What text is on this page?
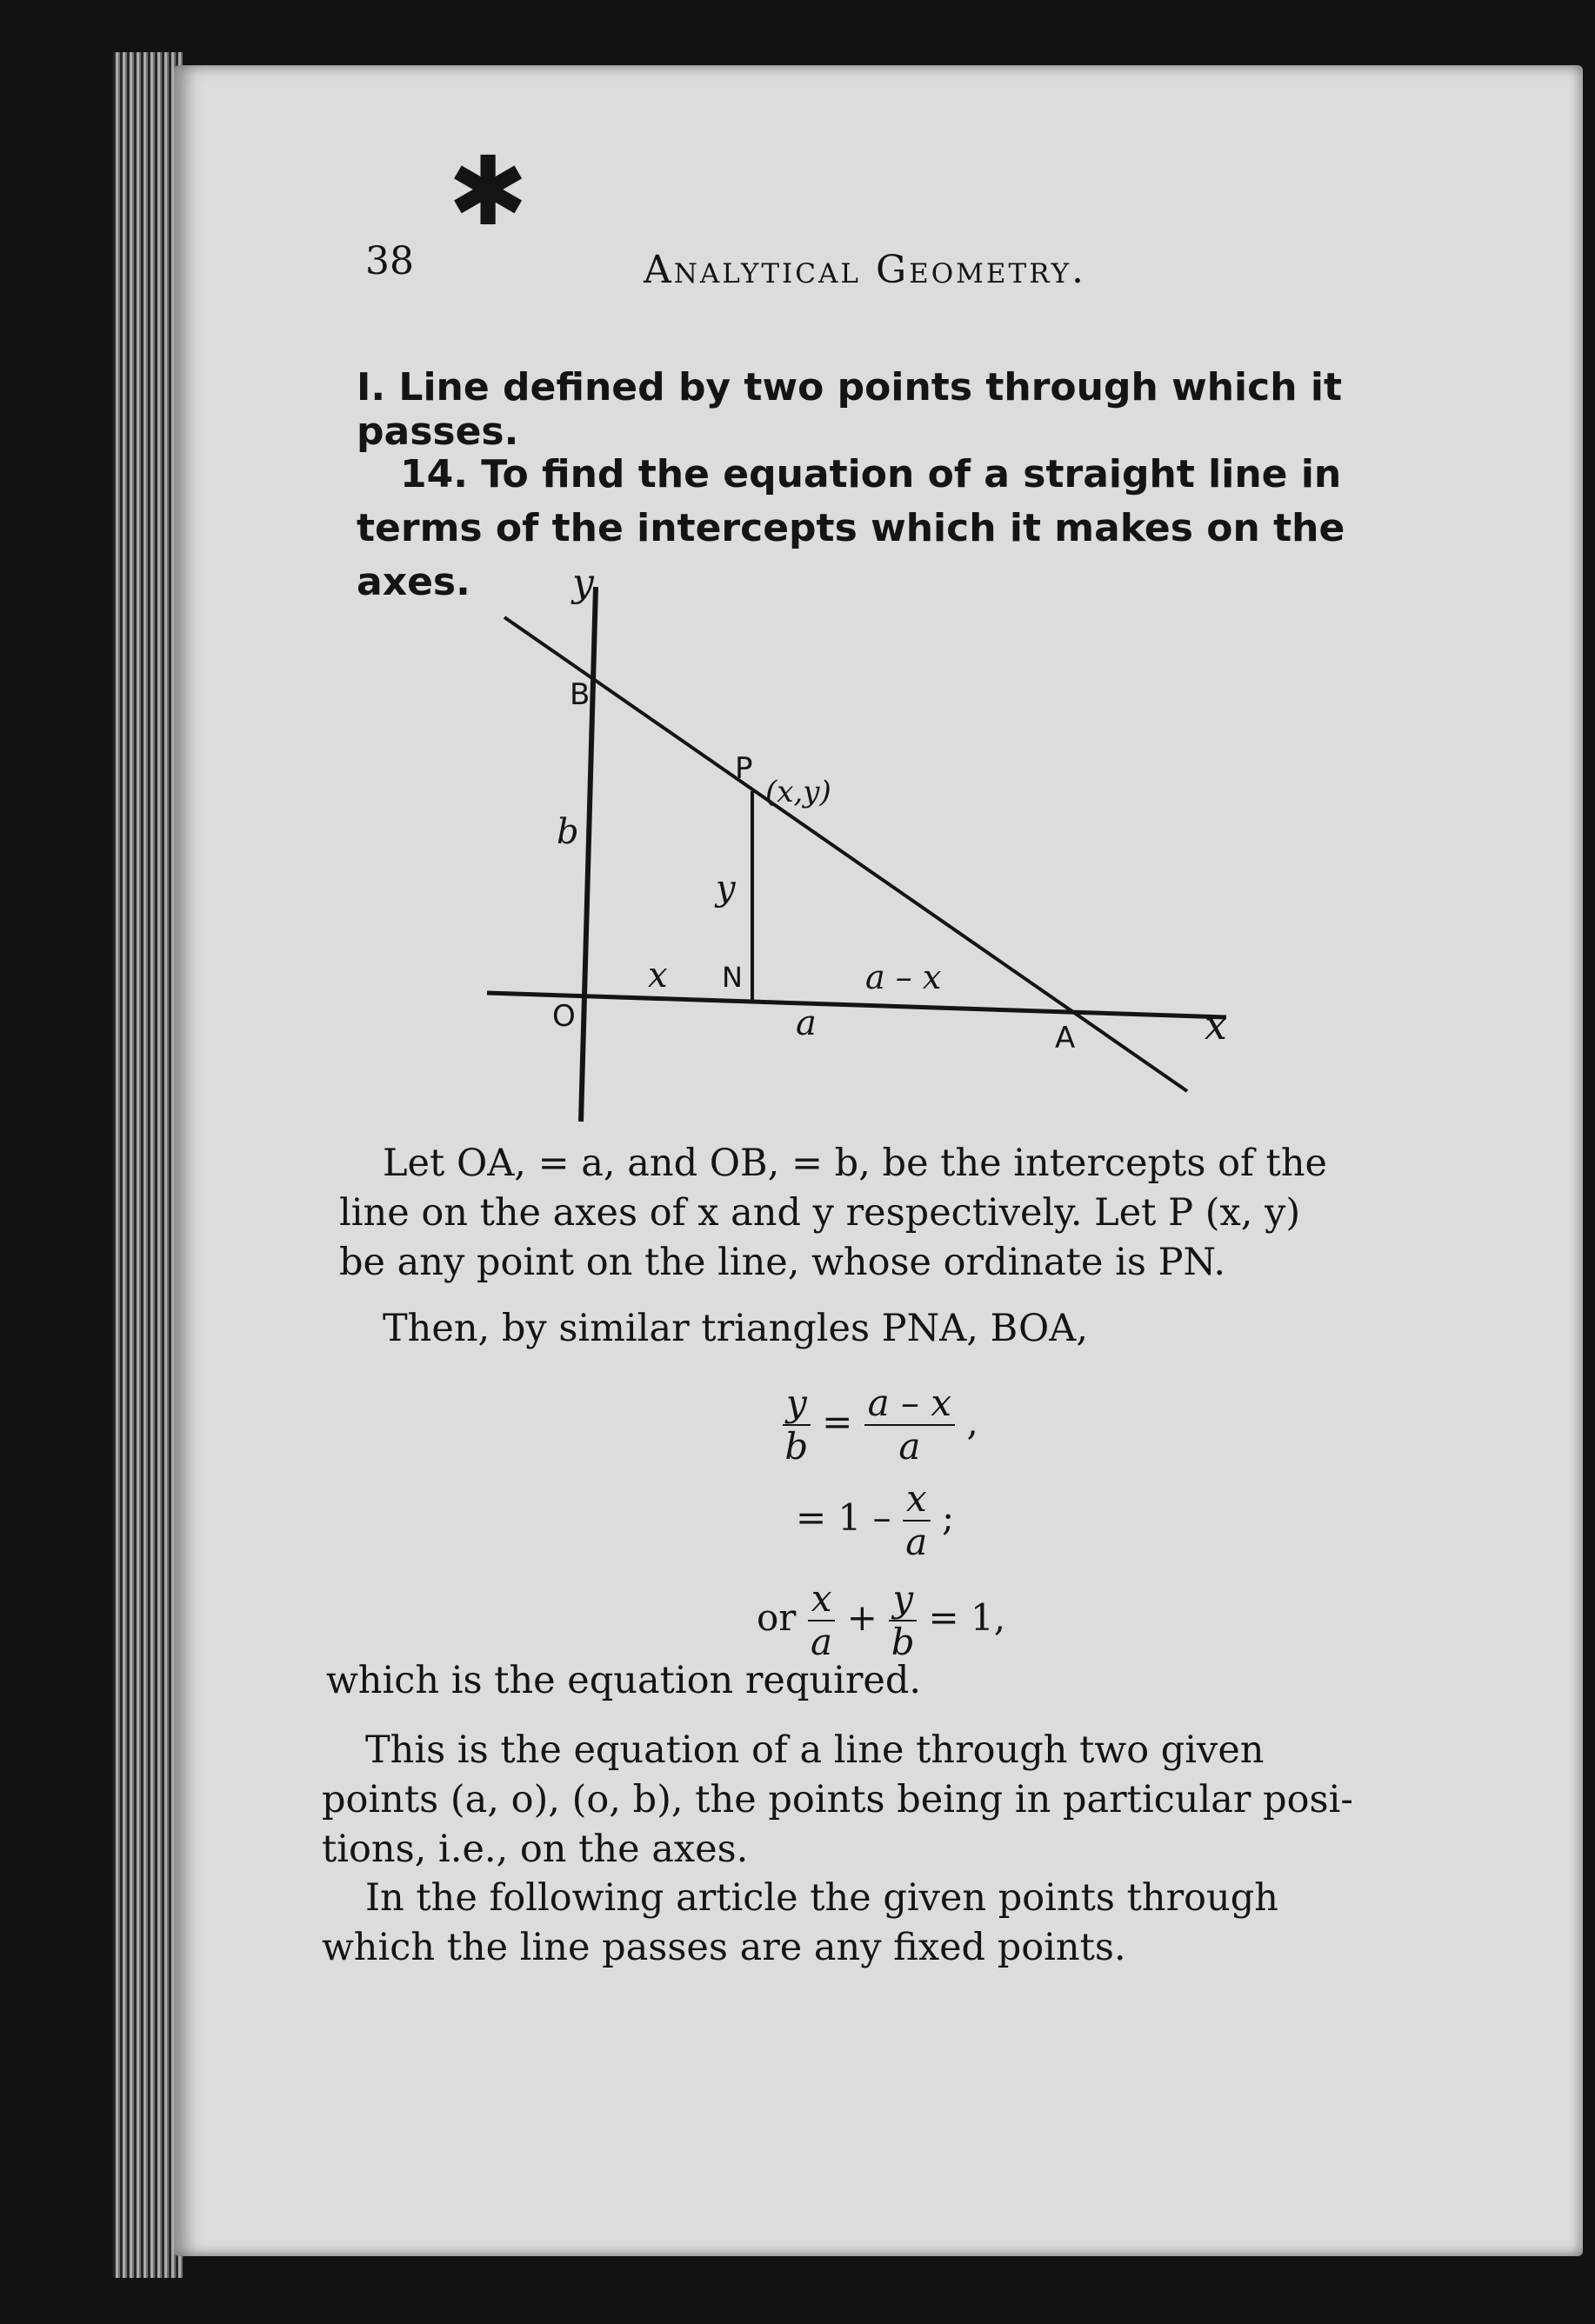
✱
38	Analytical Geometry.
I. Line defined by two points through which it passes.
14. To find the equation of a straight line in terms of the intercepts which it makes on the axes.	y
x
B
b
P
(x,y)
y
x N	a – x
O	a	A
Let OA, = a, and OB, = b, be the intercepts of the
line on the axes of x and y respectively. Let P (x, y)
be any point on the line, whose ordinate is PN.
Then, by similar triangles PNA, BOA,
$\frac{y}{b} = \frac{a - x}{a}$ ,
= $1 - \frac{x}{a}$ ;
or $\frac{x}{a} + \frac{y}{b} = 1$,
which is the equation required.
This is the equation of a line through two given
points (a, o), (o, b), the points being in particular posi-
tions, i.e., on the axes.
In the following article the given points through
which the line passes are any fixed points.
